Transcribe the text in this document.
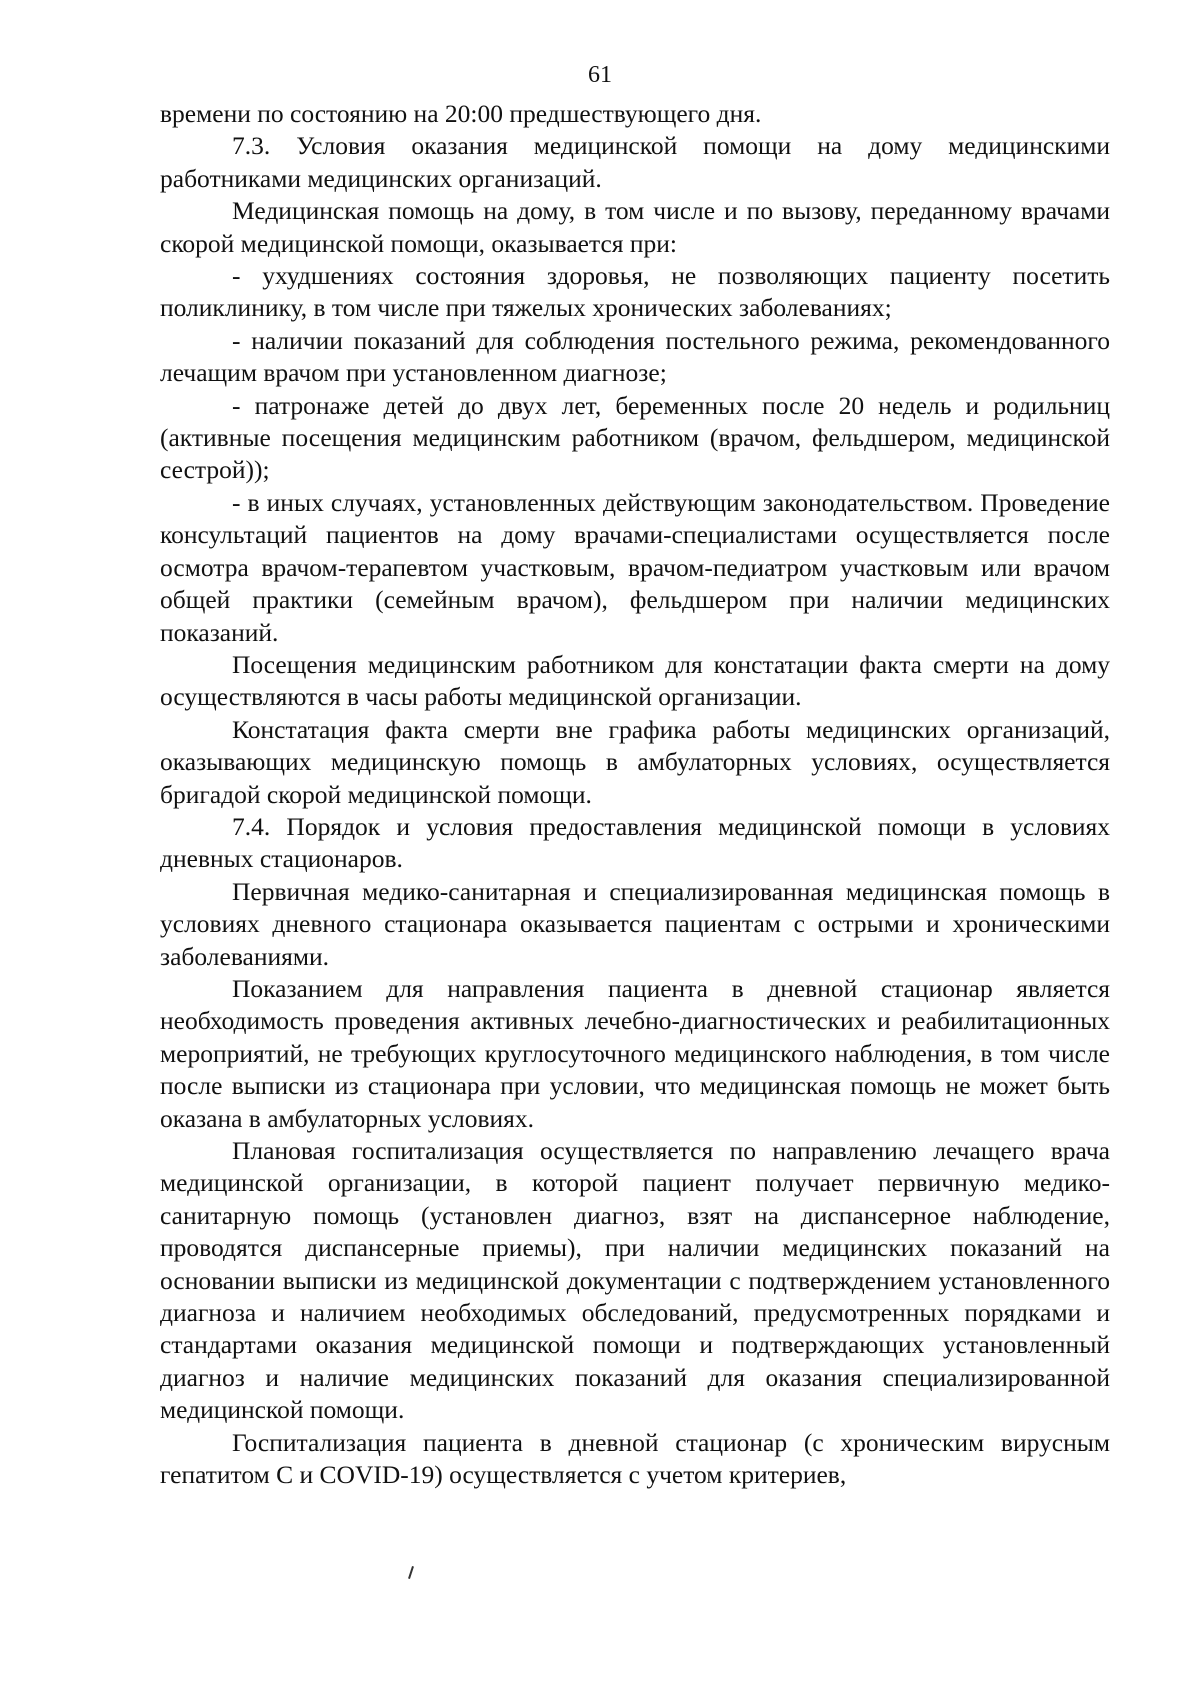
61

времени по состоянию на 20:00 предшествующего дня.

7.3. Условия оказания медицинской помощи на дому медицинскими работниками медицинских организаций.

Медицинская помощь на дому, в том числе и по вызову, переданному врачами скорой медицинской помощи, оказывается при:

- ухудшениях состояния здоровья, не позволяющих пациенту посетить поликлинику, в том числе при тяжелых хронических заболеваниях;

- наличии показаний для соблюдения постельного режима, рекомендованного лечащим врачом при установленном диагнозе;

- патронаже детей до двух лет, беременных после 20 недель и родильниц (активные посещения медицинским работником (врачом, фельдшером, медицинской сестрой));

- в иных случаях, установленных действующим законодательством. Проведение консультаций пациентов на дому врачами-специалистами осуществляется после осмотра врачом-терапевтом участковым, врачом-педиатром участковым или врачом общей практики (семейным врачом), фельдшером при наличии медицинских показаний.

Посещения медицинским работником для констатации факта смерти на дому осуществляются в часы работы медицинской организации.

Констатация факта смерти вне графика работы медицинских организаций, оказывающих медицинскую помощь в амбулаторных условиях, осуществляется бригадой скорой медицинской помощи.

7.4. Порядок и условия предоставления медицинской помощи в условиях дневных стационаров.

Первичная медико-санитарная и специализированная медицинская помощь в условиях дневного стационара оказывается пациентам с острыми и хроническими заболеваниями.

Показанием для направления пациента в дневной стационар является необходимость проведения активных лечебно-диагностических и реабилитационных мероприятий, не требующих круглосуточного медицинского наблюдения, в том числе после выписки из стационара при условии, что медицинская помощь не может быть оказана в амбулаторных условиях.

Плановая госпитализация осуществляется по направлению лечащего врача медицинской организации, в которой пациент получает первичную медико-санитарную помощь (установлен диагноз, взят на диспансерное наблюдение, проводятся диспансерные приемы), при наличии медицинских показаний на основании выписки из медицинской документации с подтверждением установленного диагноза и наличием необходимых обследований, предусмотренных порядками и стандартами оказания медицинской помощи и подтверждающих установленный диагноз и наличие медицинских показаний для оказания специализированной медицинской помощи.

Госпитализация пациента в дневной стационар (с хроническим вирусным гепатитом С и COVID-19) осуществляется с учетом критериев,
